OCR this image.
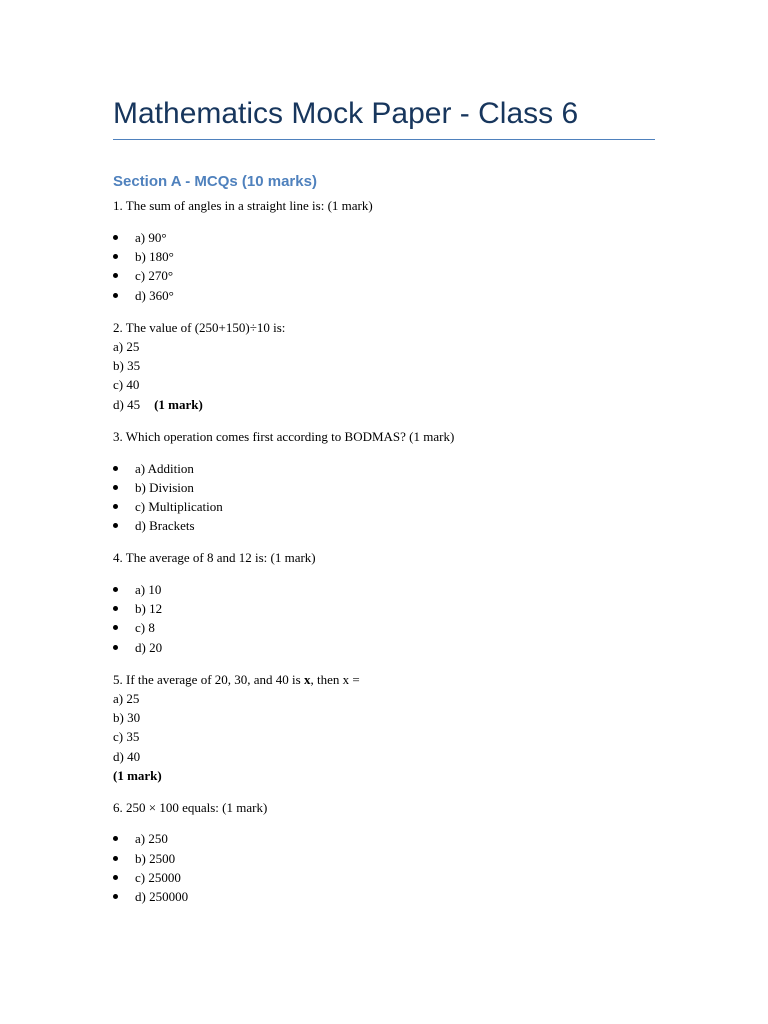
Mathematics Mock Paper - Class 6
Section A - MCQs (10 marks)
1. The sum of angles in a straight line is: (1 mark)
a) 90°
b) 180°
c) 270°
d) 360°
2. The value of (250+150)÷10 is:
a) 25
b) 35
c) 40
d) 45 (1 mark)
3. Which operation comes first according to BODMAS? (1 mark)
a) Addition
b) Division
c) Multiplication
d) Brackets
4. The average of 8 and 12 is: (1 mark)
a) 10
b) 12
c) 8
d) 20
5. If the average of 20, 30, and 40 is x, then x =
a) 25
b) 30
c) 35
d) 40
(1 mark)
6. 250 × 100 equals: (1 mark)
a) 250
b) 2500
c) 25000
d) 250000
